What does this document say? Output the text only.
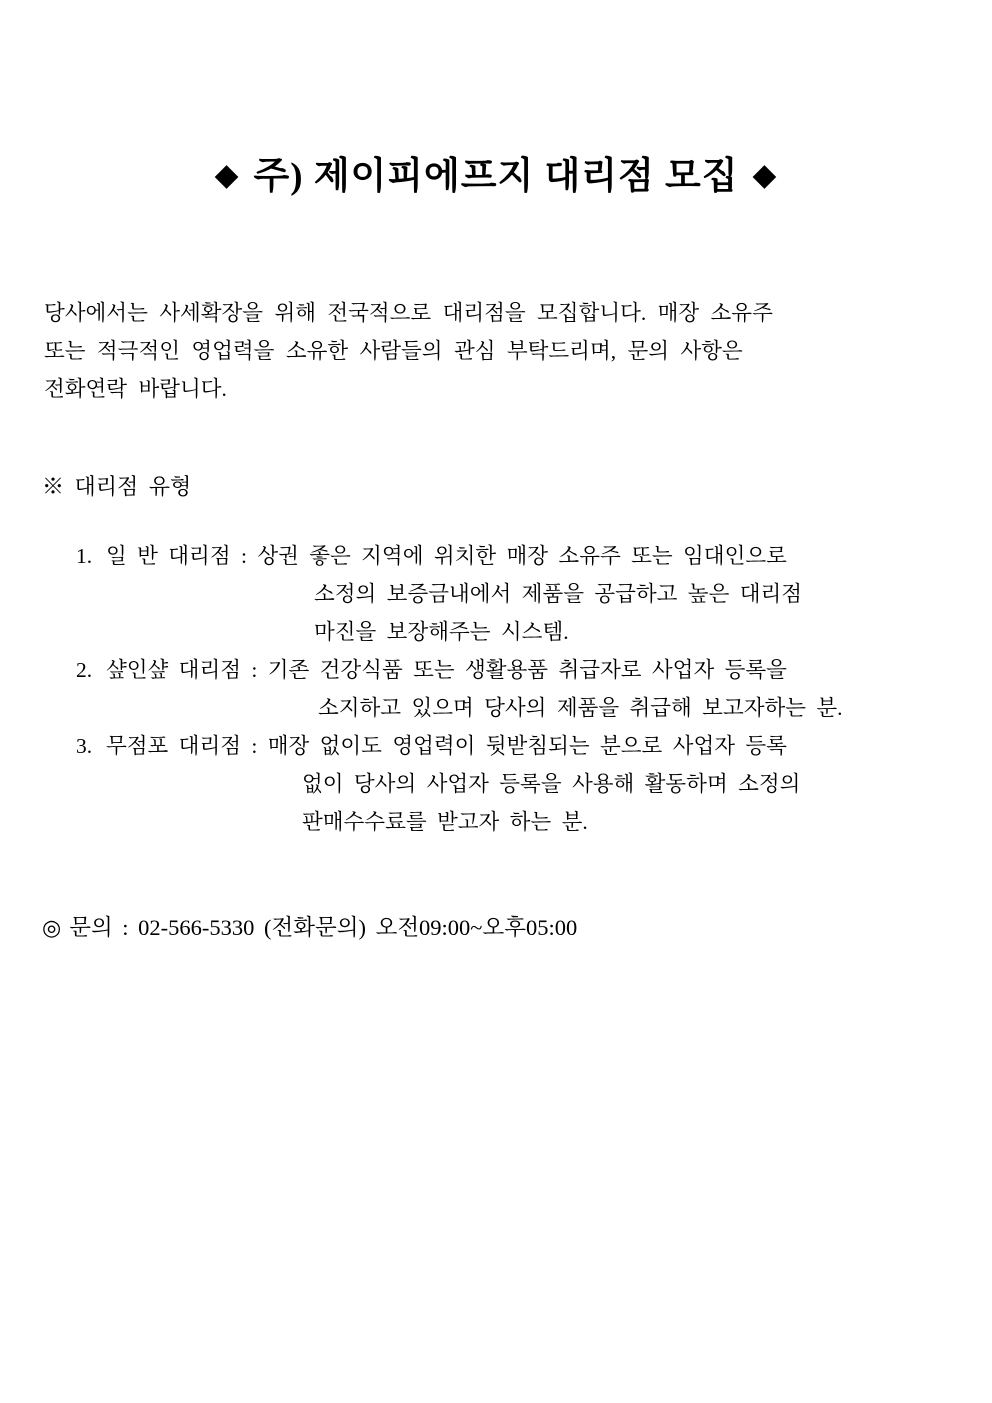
◆ 주) 제이피에프지 대리점 모집 ◆

당사에서는 사세확장을 위해 전국적으로 대리점을 모집합니다. 매장 소유주
또는 적극적인 영업력을 소유한 사람들의 관심 부탁드리며, 문의 사항은
전화연락 바랍니다.

※ 대리점 유형

1. 일 반 대리점 : 상권 좋은 지역에 위치한 매장 소유주 또는 임대인으로
소정의 보증금내에서 제품을 공급하고 높은 대리점
마진을 보장해주는 시스템.
2. 샾인샾 대리점 : 기존 건강식품 또는 생활용품 취급자로 사업자 등록을
소지하고 있으며 당사의 제품을 취급해 보고자하는 분.
3. 무점포 대리점 : 매장 없이도 영업력이 뒷받침되는 분으로 사업자 등록
없이 당사의 사업자 등록을 사용해 활동하며 소정의
판매수수료를 받고자 하는 분.

◎ 문의 : 02-566-5330 (전화문의) 오전09:00~오후05:00
